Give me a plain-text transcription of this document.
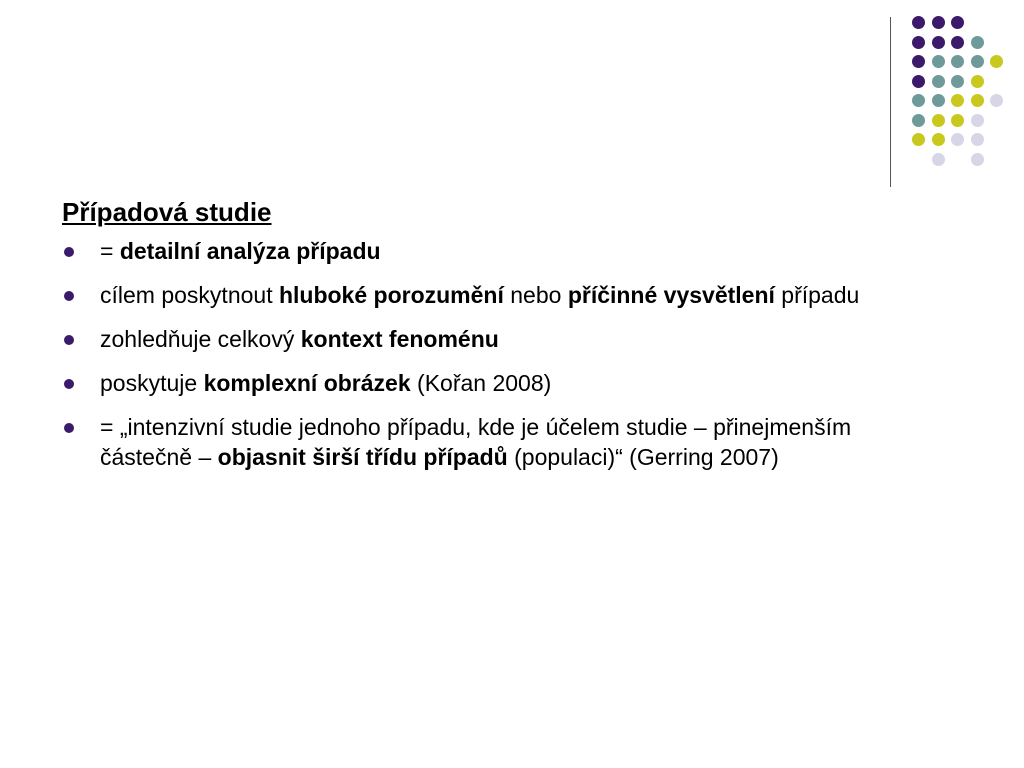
Případová studie
= detailní analýza případu
cílem poskytnout hluboké porozumění nebo příčinné vysvětlení případu
zohledňuje celkový kontext fenoménu
poskytuje komplexní obrázek (Kořan 2008)
= „intenzivní studie jednoho případu, kde je účelem studie – přinejmenším částečně – objasnit širší třídu případů (populaci)“ (Gerring 2007)
